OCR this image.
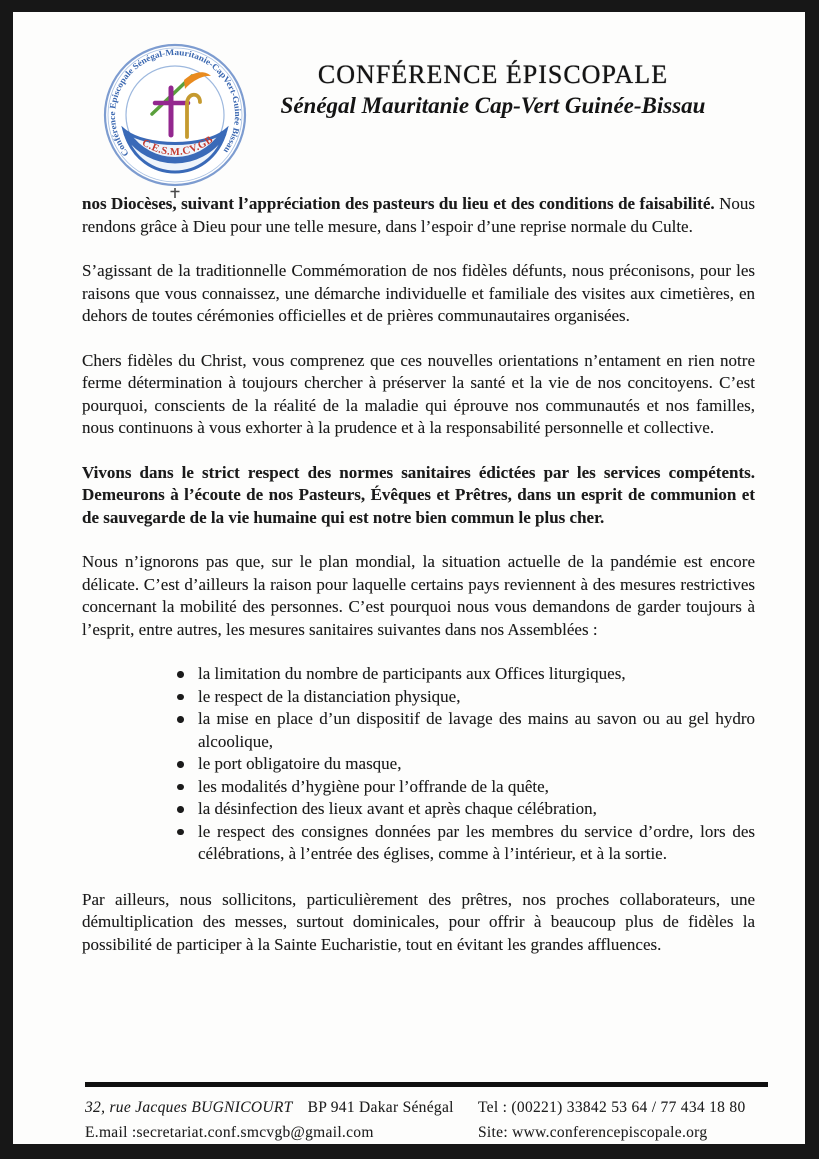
Conférence Episcopale Sénégal-Mauritanie-CapVert-Guinée Bissau
C.E.S.M.CV.GB
CONFÉRENCE ÉPISCOPALE
Sénégal Mauritanie Cap-Vert Guinée-Bissau

nos Diocèses, suivant l’appréciation des pasteurs du lieu et des conditions de faisabilité. Nous rendons grâce à Dieu pour une telle mesure, dans l’espoir d’une reprise normale du Culte.

S’agissant de la traditionnelle Commémoration de nos fidèles défunts, nous préconisons, pour les raisons que vous connaissez, une démarche individuelle et familiale des visites aux cimetières, en dehors de toutes cérémonies officielles et de prières communautaires organisées.

Chers fidèles du Christ, vous comprenez que ces nouvelles orientations n’entament en rien notre ferme détermination à toujours chercher à préserver la santé et la vie de nos concitoyens. C’est pourquoi, conscients de la réalité de la maladie qui éprouve nos communautés et nos familles, nous continuons à vous exhorter à la prudence et à la responsabilité personnelle et collective.

Vivons dans le strict respect des normes sanitaires édictées par les services compétents. Demeurons à l’écoute de nos Pasteurs, Évêques et Prêtres, dans un esprit de communion et de sauvegarde de la vie humaine qui est notre bien commun le plus cher.

Nous n’ignorons pas que, sur le plan mondial, la situation actuelle de la pandémie est encore délicate. C’est d’ailleurs la raison pour laquelle certains pays reviennent à des mesures restrictives concernant la mobilité des personnes. C’est pourquoi nous vous demandons de garder toujours à l’esprit, entre autres, les mesures sanitaires suivantes dans nos Assemblées :

la limitation du nombre de participants aux Offices liturgiques,
le respect de la distanciation physique,
la mise en place d’un dispositif de lavage des mains au savon ou au gel hydro alcoolique,
le port obligatoire du masque,
les modalités d’hygiène pour l’offrande de la quête,
la désinfection des lieux avant et après chaque célébration,
le respect des consignes données par les membres du service d’ordre, lors des célébrations, à l’entrée des églises, comme à l’intérieur, et à la sortie.

Par ailleurs, nous sollicitons, particulièrement des prêtres, nos proches collaborateurs, une démultiplication des messes, surtout dominicales, pour offrir à beaucoup plus de fidèles la possibilité de participer à la Sainte Eucharistie, tout en évitant les grandes affluences.

32, rue Jacques BUGNICOURT BP 941 Dakar Sénégal	Tel : (00221) 33842 53 64 / 77 434 18 80
E.mail :secretariat.conf.smcvgb@gmail.com	Site: www.conferencepiscopale.org
